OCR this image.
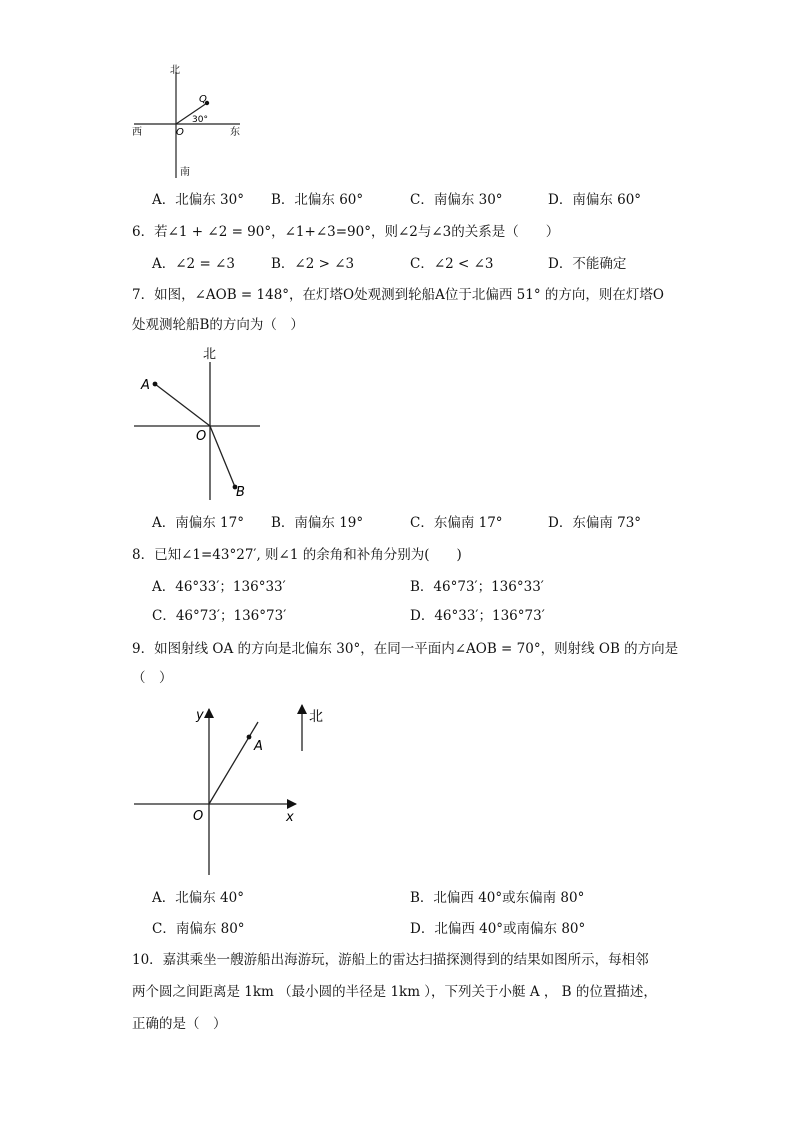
北
南
西	东
O
Q
30°
A．北偏东 30° B．北偏东 60°	C．南偏东 30°	D．南偏东 60°
6．若∠1 + ∠2 = 90°，∠1+∠3=90°，则∠2与∠3的关系是（　　）
A．∠2 = ∠3	B．∠2 > ∠3	C．∠2 < ∠3	D．不能确定
7．如图，∠AOB = 148°，在灯塔O处观测到轮船A位于北偏西 51° 的方向，则在灯塔O
处观测轮船B的方向为（　）
北
O
A
B
A．南偏东 17° B．南偏东 19°	C．东偏南 17°	D．东偏南 73°
8．已知∠1=43°27′, 则∠1 的余角和补角分别为(　　)
A．46°33′；136°33′	B．46°73′；136°33′
C．46°73′；136°73′	D．46°33′；136°73′
9．如图射线 OA 的方向是北偏东 30°，在同一平面内∠AOB = 70°，则射线 OB 的方向是
（　）
y
x
O
A
北
A．北偏东 40°	B．北偏西 40°或东偏南 80°
C．南偏东 80°	D．北偏西 40°或南偏东 80°
10．嘉淇乘坐一艘游船出海游玩，游船上的雷达扫描探测得到的结果如图所示，每相邻
两个圆之间距离是 1km （最小圆的半径是 1km ），下列关于小艇 A ， B 的位置描述，
正确的是（　）
